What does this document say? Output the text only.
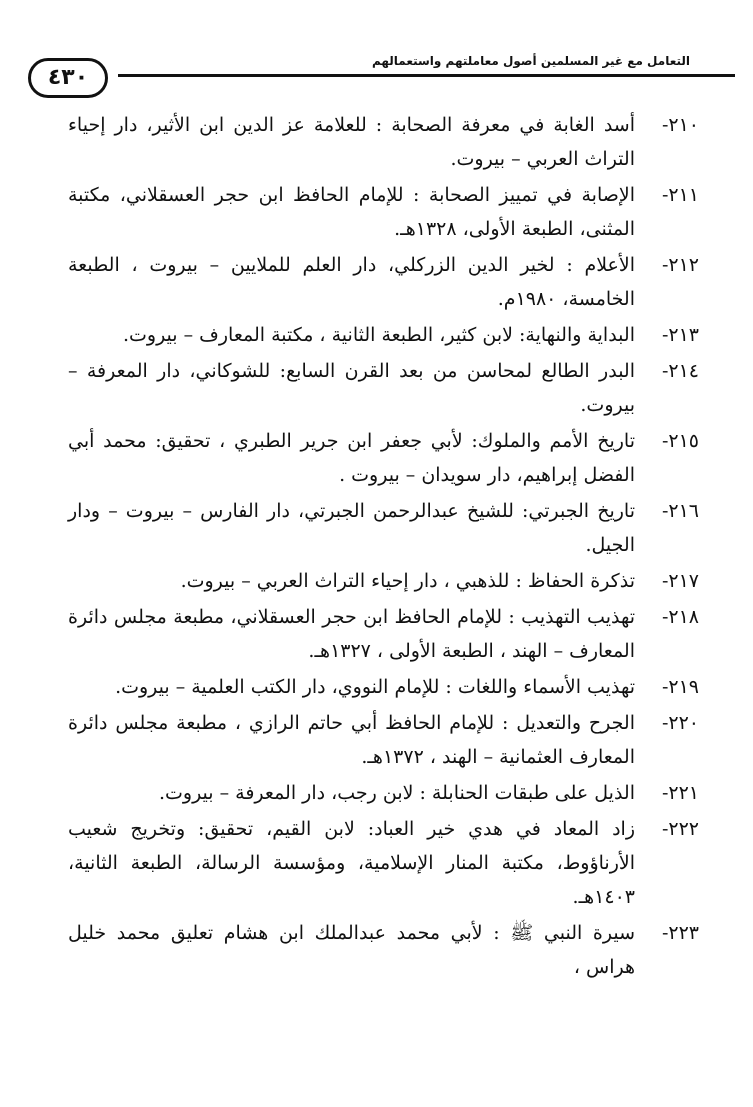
التعامل مع غير المسلمين أصول معاملتهم واستعمالهم
٤٣٠
٢١٠-
أسد الغابة في معرفة الصحابة : للعلامة عز الدين ابن الأثير، دار إحياء التراث العربي – بيروت.
٢١١-
الإصابة في تمييز الصحابة : للإمام الحافظ ابن حجر العسقلاني، مكتبة المثنى، الطبعة الأولى، ١٣٢٨هـ.
٢١٢-
الأعلام : لخير الدين الزركلي، دار العلم للملايين – بيروت ، الطبعة الخامسة، ١٩٨٠م.
٢١٣-
البداية والنهاية: لابن كثير، الطبعة الثانية ، مكتبة المعارف – بيروت.
٢١٤-
البدر الطالع لمحاسن من بعد القرن السابع: للشوكاني، دار المعرفة – بيروت.
٢١٥-
تاريخ الأمم والملوك: لأبي جعفر ابن جرير الطبري ، تحقيق: محمد أبي الفضل إبراهيم، دار سويدان – بيروت .
٢١٦-
تاريخ الجبرتي: للشيخ عبدالرحمن الجبرتي، دار الفارس – بيروت – ودار الجيل.
٢١٧-
تذكرة الحفاظ : للذهبي ، دار إحياء التراث العربي – بيروت.
٢١٨-
تهذيب التهذيب : للإمام الحافظ ابن حجر العسقلاني، مطبعة مجلس دائرة المعارف – الهند ، الطبعة الأولى ، ١٣٢٧هـ.
٢١٩-
تهذيب الأسماء واللغات : للإمام النووي، دار الكتب العلمية – بيروت.
٢٢٠-
الجرح والتعديل : للإمام الحافظ أبي حاتم الرازي ، مطبعة مجلس دائرة المعارف العثمانية – الهند ، ١٣٧٢هـ.
٢٢١-
الذيل على طبقات الحنابلة : لابن رجب، دار المعرفة – بيروت.
٢٢٢-
زاد المعاد في هدي خير العباد: لابن القيم، تحقيق: وتخريج شعيب الأرناؤوط، مكتبة المنار الإسلامية، ومؤسسة الرسالة، الطبعة الثانية، ١٤٠٣هـ.
٢٢٣-
سيرة النبي ﷺ : لأبي محمد عبدالملك ابن هشام تعليق محمد خليل هراس ،
